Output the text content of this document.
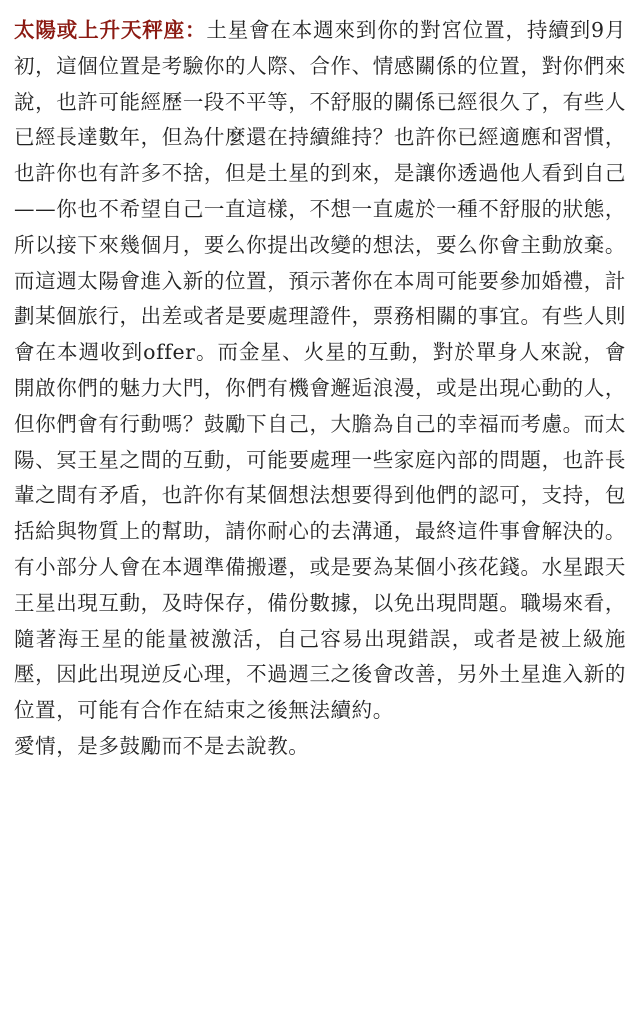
太陽或上升天秤座：土星會在本週來到你的對宮位置，持續到9月初，這個位置是考驗你的人際、合作、情感關係的位置，對你們來說，也許可能經歷一段不平等，不舒服的關係已經很久了，有些人已經長達數年，但為什麼還在持續維持？也許你已經適應和習慣，也許你也有許多不捨，但是土星的到來，是讓你透過他人看到自己——你也不希望自己一直這樣，不想一直處於一種不舒服的狀態，所以接下來幾個月，要么你提出改變的想法，要么你會主動放棄。而這週太陽會進入新的位置，預示著你在本周可能要參加婚禮，計劃某個旅行，出差或者是要處理證件，票務相關的事宜。有些人則會在本週收到offer。而金星、火星的互動，對於單身人來說，會開啟你們的魅力大門，你們有機會邂逅浪漫，或是出現心動的人，但你們會有行動嗎？鼓勵下自己，大膽為自己的幸福而考慮。而太陽、冥王星之間的互動，可能要處理一些家庭內部的問題，也許長輩之間有矛盾，也許你有某個想法想要得到他們的認可，支持，包括給與物質上的幫助，請你耐心的去溝通，最終這件事會解決的。有小部分人會在本週準備搬遷，或是要為某個小孩花錢。水星跟天王星出現互動，及時保存，備份數據，以免出現問題。職場來看，隨著海王星的能量被激活，自己容易出現錯誤，或者是被上級施壓，因此出現逆反心理，不過週三之後會改善，另外土星進入新的位置，可能有合作在結束之後無法續約。

愛情，是多鼓勵而不是去說教。
